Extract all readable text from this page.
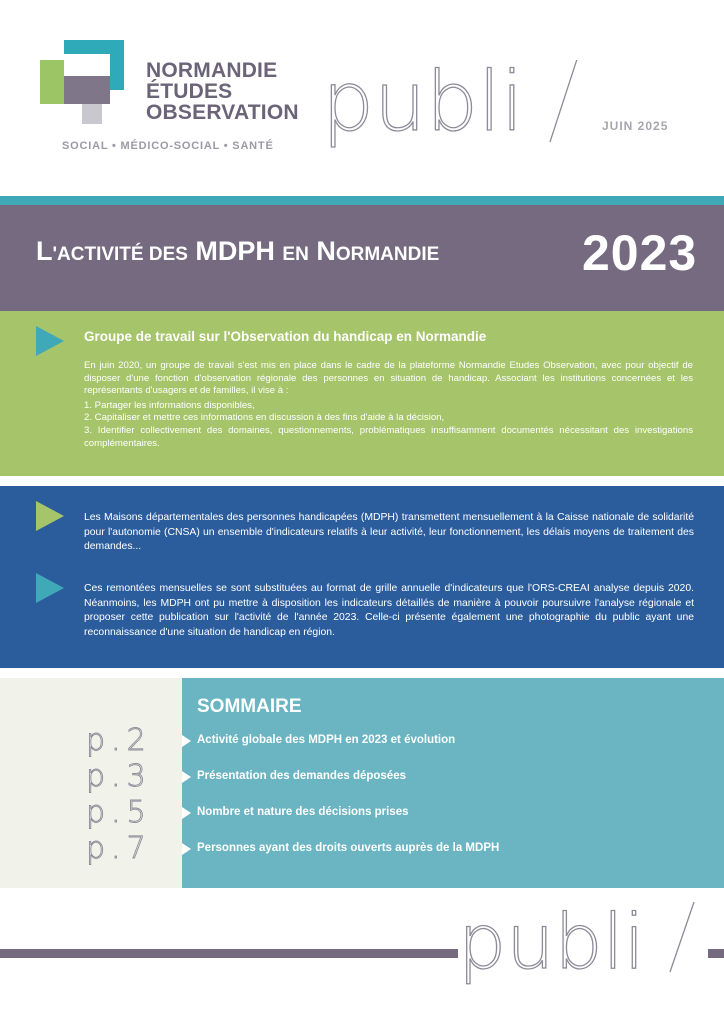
NORMANDIE
ÉTUDES
OBSERVATION
SOCIAL • MÉDICO-SOCIAL • SANTÉ publi	JUIN 2025
L'ACTIVITÉ DES MDPH EN NORMANDIE	2023
Groupe de travail sur l'Observation du handicap en Normandie

En juin 2020, un groupe de travail s'est mis en place dans le cadre de la plateforme Normandie Etudes Observation, avec pour objectif de disposer d'une fonction d'observation régionale des personnes en situation de handicap. Associant les institutions concernées et les représentants d'usagers et de familles, il vise à :

1. Partager les informations disponibles,

2. Capitaliser et mettre ces informations en discussion à des fins d'aide à la décision,

3. Identifier collectivement des domaines, questionnements, problématiques insuffisamment documentés nécessitant des investigations complémentaires.

Les Maisons départementales des personnes handicapées (MDPH) transmettent mensuellement à la Caisse nationale de solidarité pour l'autonomie (CNSA) un ensemble d'indicateurs relatifs à leur activité, leur fonctionnement, les délais moyens de traitement des demandes...
Ces remontées mensuelles se sont substituées au format de grille annuelle d'indicateurs que l'ORS-CREAI analyse depuis 2020. Néanmoins, les MDPH ont pu mettre à disposition les indicateurs détaillés de manière à pouvoir poursuivre l'analyse régionale et proposer cette publication sur l'activité de l'année 2023. Celle-ci présente également une photographie du public ayant une reconnaissance d'une situation de handicap en région.
SOMMAIRE
p.2	Activité globale des MDPH en 2023 et évolution
p.3	Présentation des demandes déposées
p.5	Nombre et nature des décisions prises
p.7	Personnes ayant des droits ouverts auprès de la MDPH
publi
